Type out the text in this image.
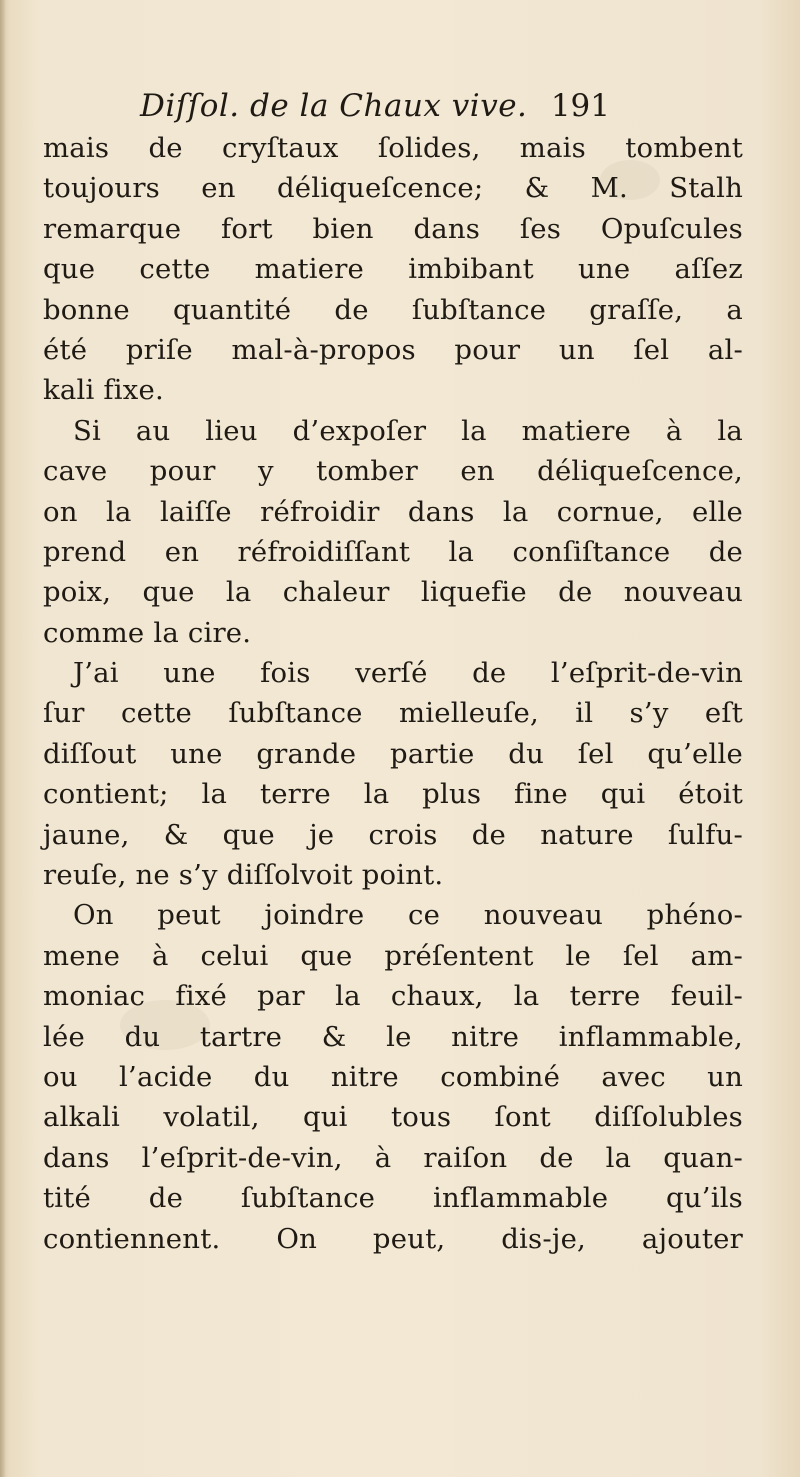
Diſſol. de la Chaux vive. 191
mais de cryſtaux ſolides, mais tombent
toujours en déliqueſcence; & M. Stalh
remarque fort bien dans ſes Opuſcules
que cette matiere imbibant une aſſez
bonne quantité de ſubſtance graſſe, a
été priſe mal-à-propos pour un ſel al-
kali fixe.
Si au lieu d’expoſer la matiere à la
cave pour y tomber en déliqueſcence,
on la laiſſe réfroidir dans la cornue, elle
prend en réfroidiſſant la conſiſtance de
poix, que la chaleur liquefie de nouveau
comme la cire.
J’ai une fois verſé de l’eſprit-de-vin
ſur cette ſubſtance mielleuſe, il s’y eſt
diſſout une grande partie du ſel qu’elle
contient; la terre la plus fine qui étoit
jaune, & que je crois de nature ſulfu-
reuſe, ne s’y diſſolvoit point.
On peut joindre ce nouveau phéno-
mene à celui que préſentent le ſel am-
moniac fixé par la chaux, la terre feuil-
lée du tartre & le nitre inflammable,
ou l’acide du nitre combiné avec un
alkali volatil, qui tous ſont diſſolubles
dans l’eſprit-de-vin, à raiſon de la quan-
tité de ſubſtance inflammable qu’ils
contiennent. On peut, dis-je, ajouter
